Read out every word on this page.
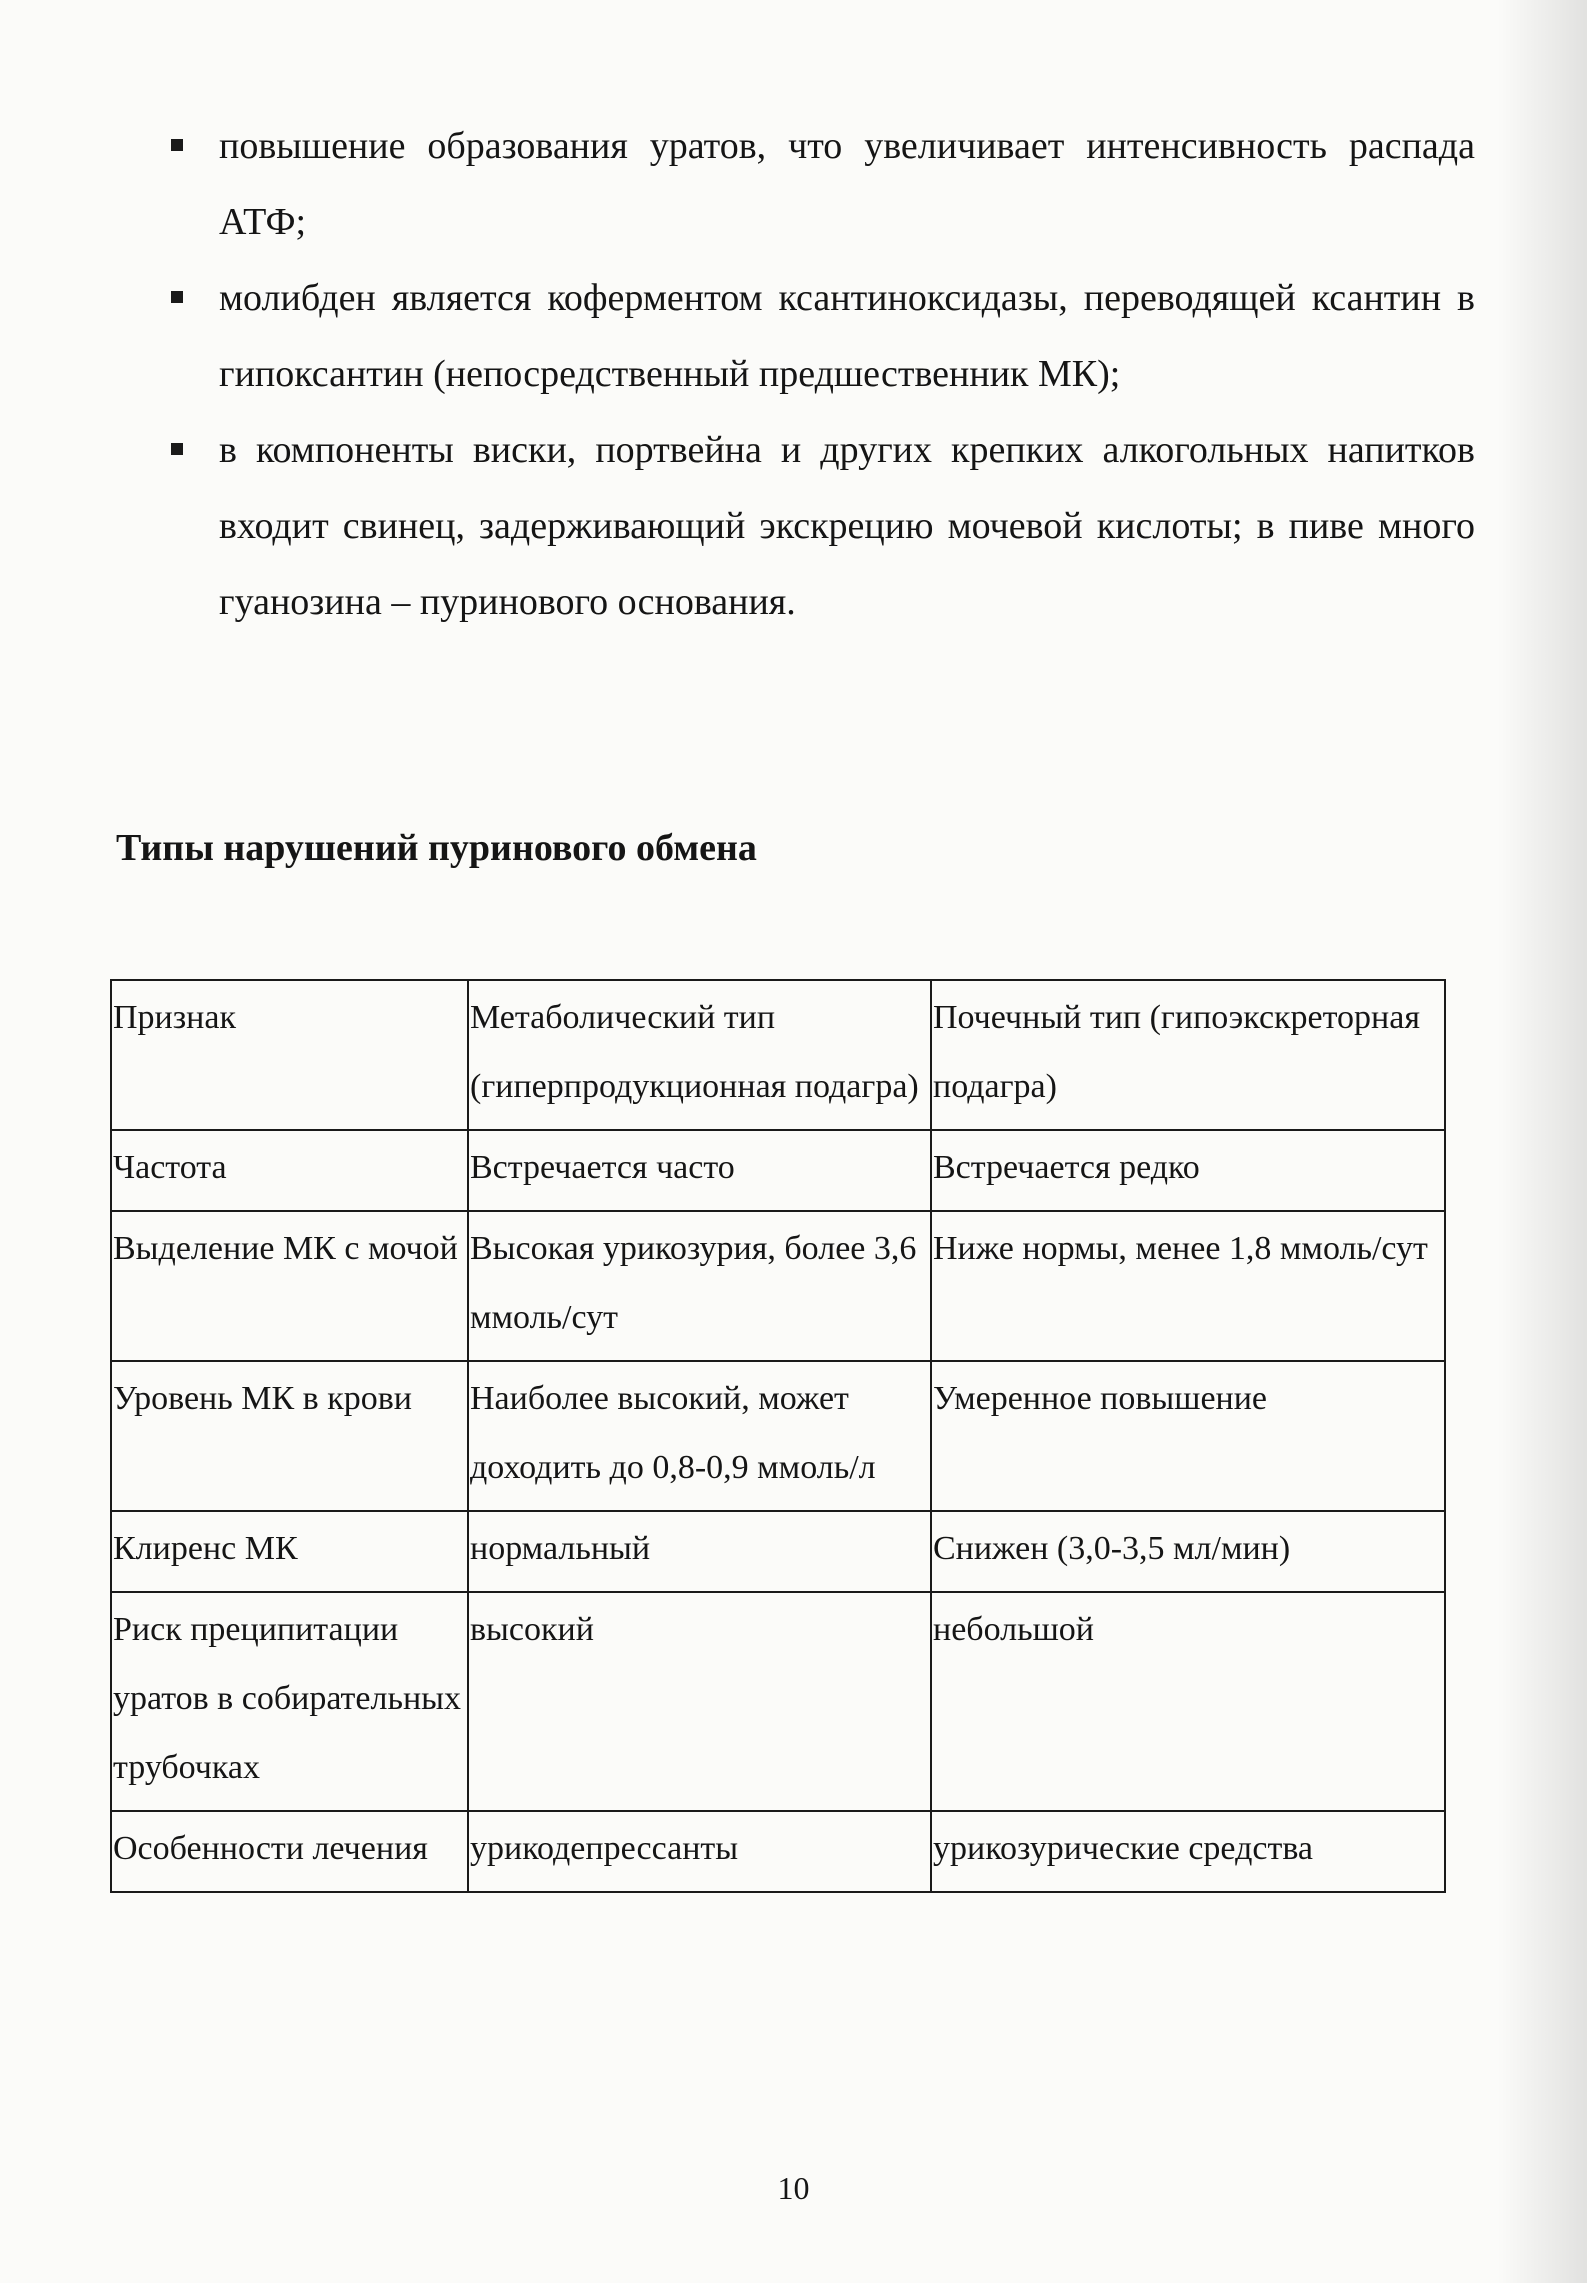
повышение образования уратов, что увеличивает интенсивность распада АТФ;
молибден является коферментом ксантиноксидазы, переводящей ксантин в гипоксантин (непосредственный предшественник МК);
в компоненты виски, портвейна и других крепких алкогольных напитков входит свинец, задерживающий экскрецию мочевой кислоты; в пиве много гуанозина – пуринового основания.
Типы нарушений пуринового обмена
Признак	Метаболический тип (гиперпродукционная подагра)	Почечный тип (гипоэкскреторная подагра)
Частота	Встречается часто	Встречается редко
Выделение МК с мочой	Высокая урикозурия, более 3,6 ммоль/сут	Ниже нормы, менее 1,8 ммоль/сут
Уровень МК в крови	Наиболее высокий, может доходить до 0,8-0,9 ммоль/л	Умеренное повышение
Клиренс МК	нормальный	Снижен (3,0-3,5 мл/мин)
Риск преципитации уратов в собирательных трубочках	высокий	небольшой
Особенности лечения	урикодепрессанты	урикозурические средства
10
